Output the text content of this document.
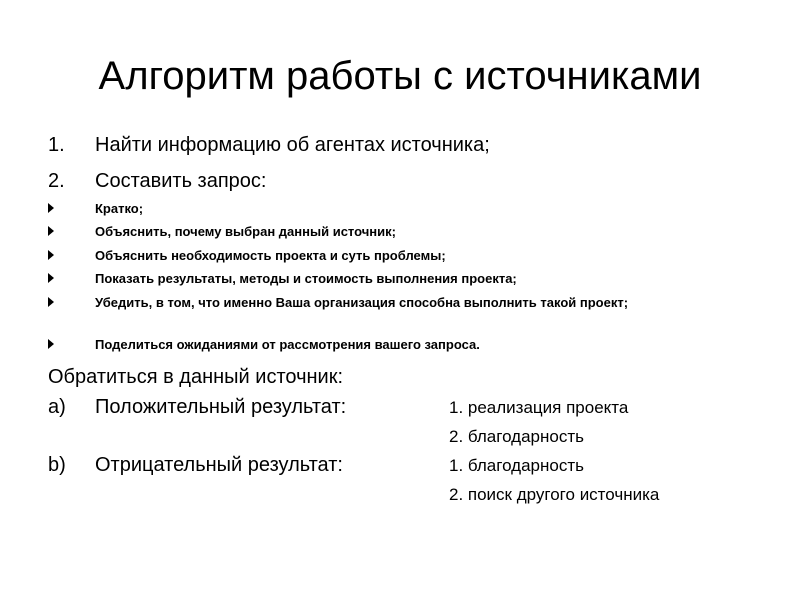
Алгоритм работы с источниками
1. Найти информацию об агентах источника;
2. Составить запрос:
Кратко;
Объяснить, почему выбран данный источник;
Объяснить необходимость проекта и суть проблемы;
Показать результаты, методы и стоимость выполнения проекта;
Убедить, в том, что именно Ваша организация способна выполнить такой проект;
Поделиться ожиданиями от рассмотрения вашего запроса.
Обратиться в данный источник:
a) Положительный результат:	1. реализация проекта
2. благодарность
b) Отрицательный результат:	1. благодарность
2. поиск другого источника
